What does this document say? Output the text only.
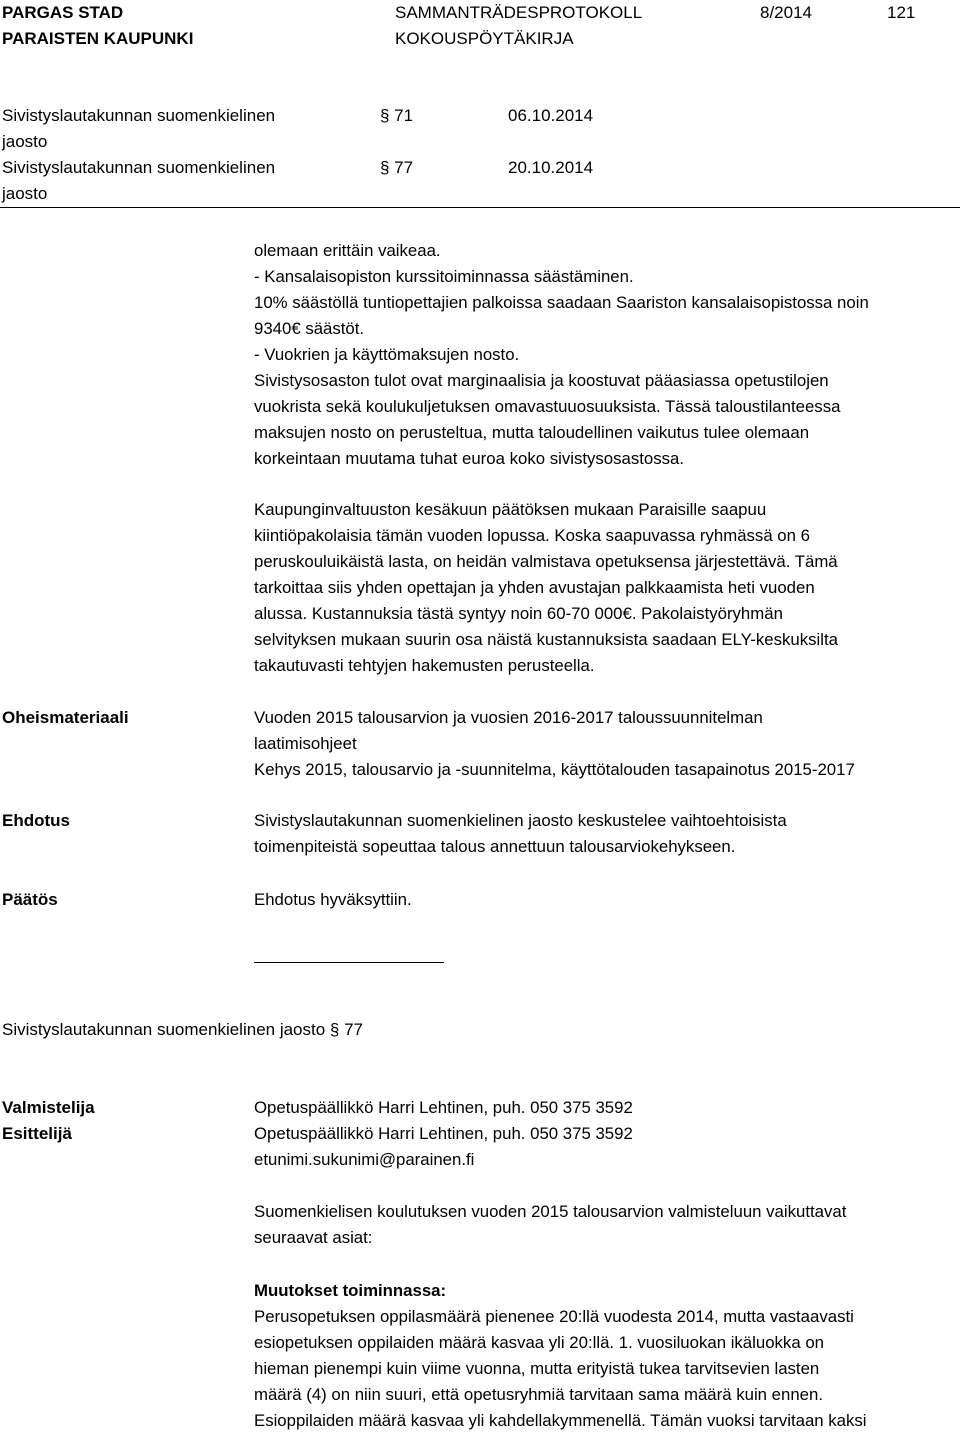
PARGAS STAD
PARAISTEN KAUPUNKI
SAMMANTRÄDESPROTOKOLL
KOKOUSPÖYTÄKIRJA
8/2014	121
Sivistyslautakunnan suomenkielinen
jaosto
§ 71	06.10.2014
Sivistyslautakunnan suomenkielinen
jaosto
§ 77	20.10.2014

olemaan erittäin vaikeaa.

- Kansalaisopiston kurssitoiminnassa säästäminen.

10% säästöllä tuntiopettajien palkoissa saadaan Saariston kansalaisopistossa noin

9340€ säästöt.

- Vuokrien ja käyttömaksujen nosto.

Sivistysosaston tulot ovat marginaalisia ja koostuvat pääasiassa opetustilojen

vuokrista sekä koulukuljetuksen omavastuuosuuksista. Tässä taloustilanteessa

maksujen nosto on perusteltua, mutta taloudellinen vaikutus tulee olemaan

korkeintaan muutama tuhat euroa koko sivistysosastossa.

Kaupunginvaltuuston kesäkuun päätöksen mukaan Paraisille saapuu

kiintiöpakolaisia tämän vuoden lopussa. Koska saapuvassa ryhmässä on 6

peruskouluikäistä lasta, on heidän valmistava opetuksensa järjestettävä. Tämä

tarkoittaa siis yhden opettajan ja yhden avustajan palkkaamista heti vuoden

alussa. Kustannuksia tästä syntyy noin 60-70 000€. Pakolaistyöryhmän

selvityksen mukaan suurin osa näistä kustannuksista saadaan ELY-keskuksilta

takautuvasti tehtyjen hakemusten perusteella.

Oheismateriaali	Vuoden 2015 talousarvion ja vuosien 2016-2017 taloussuunnitelman

laatimisohjeet

Kehys 2015, talousarvio ja -suunnitelma, käyttötalouden tasapainotus 2015-2017

Ehdotus	Sivistyslautakunnan suomenkielinen jaosto keskustelee vaihtoehtoisista

toimenpiteistä sopeuttaa talous annettuun talousarviokehykseen.

Päätös	Ehdotus hyväksyttiin.

Sivistyslautakunnan suomenkielinen jaosto § 77
Valmistelija	Opetuspäällikkö Harri Lehtinen, puh. 050 375 3592

Esittelijä	Opetuspäällikkö Harri Lehtinen, puh. 050 375 3592

etunimi.sukunimi@parainen.fi

Suomenkielisen koulutuksen vuoden 2015 talousarvion valmisteluun vaikuttavat

seuraavat asiat:

Muutokset toiminnassa:

Perusopetuksen oppilasmäärä pienenee 20:llä vuodesta 2014, mutta vastaavasti

esiopetuksen oppilaiden määrä kasvaa yli 20:llä. 1. vuosiluokan ikäluokka on

hieman pienempi kuin viime vuonna, mutta erityistä tukea tarvitsevien lasten

määrä (4) on niin suuri, että opetusryhmiä tarvitaan sama määrä kuin ennen.

Esioppilaiden määrä kasvaa yli kahdellakymmenellä. Tämän vuoksi tarvitaan kaksi
